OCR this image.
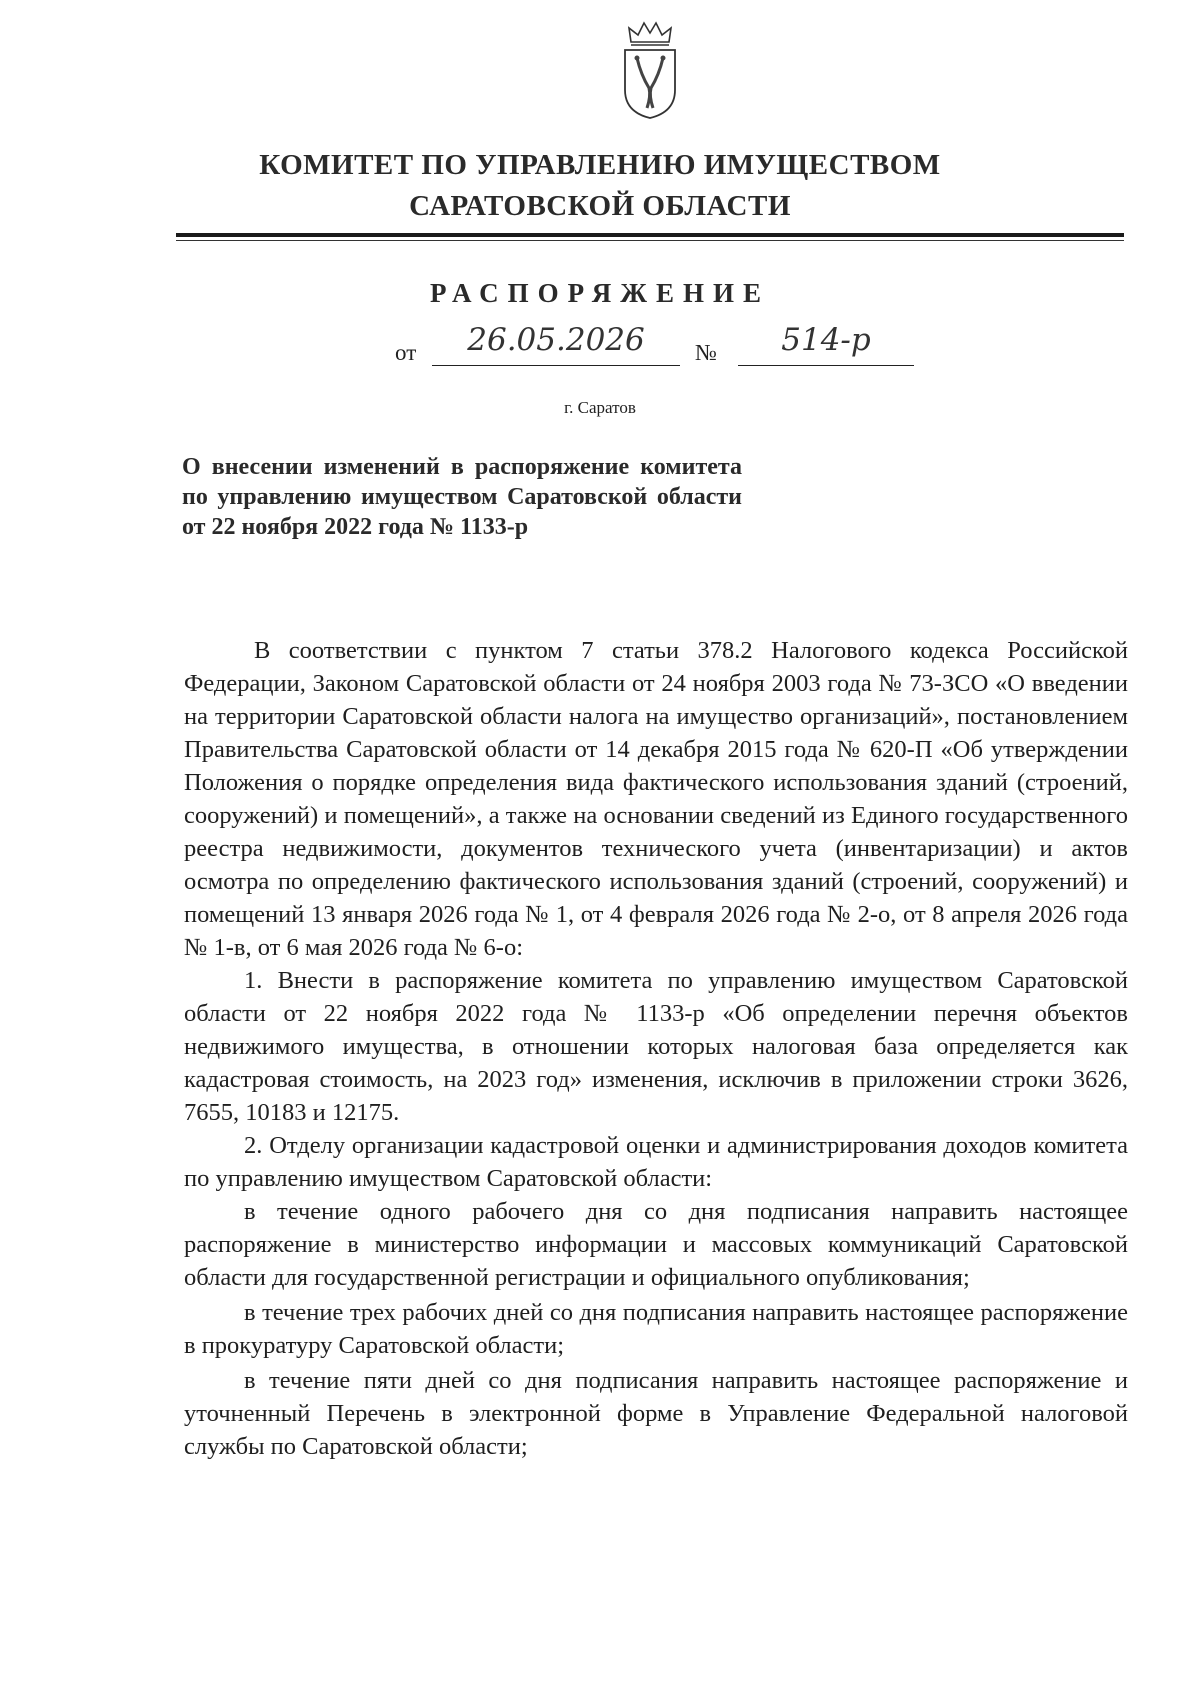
КОМИТЕТ ПО УПРАВЛЕНИЮ ИМУЩЕСТВОМ
САРАТОВСКОЙ ОБЛАСТИ
РАСПОРЯЖЕНИЕ
от	26.05.2026	№	514-р
г. Саратов
О внесении изменений в распоряжение комитета по управлению имуществом Саратовской области от 22 ноября 2022 года № 1133-р

В соответствии с пунктом 7 статьи 378.2 Налогового кодекса Российской Федерации, Законом Саратовской области от 24 ноября 2003 года № 73-ЗСО «О введении на территории Саратовской области налога на имущество организаций», постановлением Правительства Саратовской области от 14 декабря 2015 года № 620-П «Об утверждении Положения о порядке определения вида фактического использования зданий (строений, сооружений) и помещений», а также на основании сведений из Единого государственного реестра недвижимости, документов технического учета (инвентаризации) и актов осмотра по определению фактического использования зданий (строений, сооружений) и помещений 13 января 2026 года № 1, от 4 февраля 2026 года № 2-о, от 8 апреля 2026 года № 1-в, от 6 мая 2026 года № 6-о:

1. Внести в распоряжение комитета по управлению имуществом Саратовской области от 22 ноября 2022 года № 1133-р «Об определении перечня объектов недвижимого имущества, в отношении которых налоговая база определяется как кадастровая стоимость, на 2023 год» изменения, исключив в приложении строки 3626, 7655, 10183 и 12175.

2. Отделу организации кадастровой оценки и администрирования доходов комитета по управлению имуществом Саратовской области:

в течение одного рабочего дня со дня подписания направить настоящее распоряжение в министерство информации и массовых коммуникаций Саратовской области для государственной регистрации и официального опубликования;

в течение трех рабочих дней со дня подписания направить настоящее распоряжение в прокуратуру Саратовской области;

в течение пяти дней со дня подписания направить настоящее распоряжение и уточненный Перечень в электронной форме в Управление Федеральной налоговой службы по Саратовской области;
